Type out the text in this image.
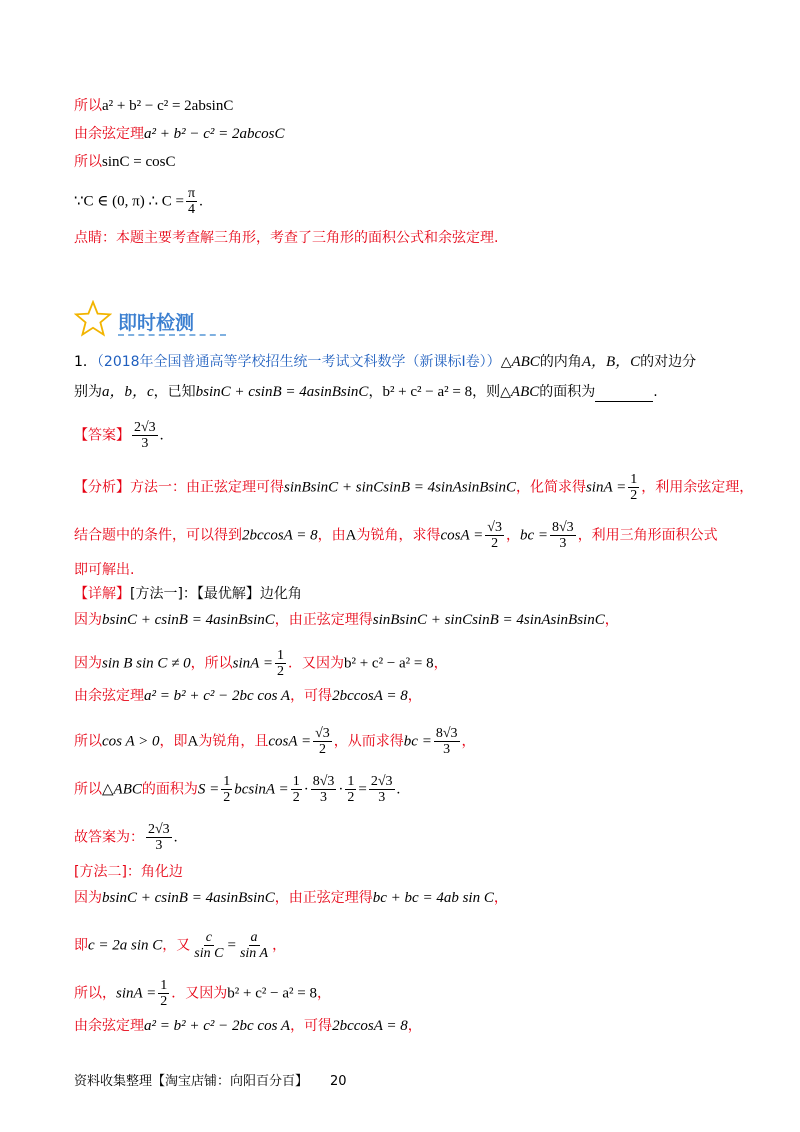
所以a² + b² − c² = 2absinC
由余弦定理a² + b² − c² = 2abcosC
所以sinC = cosC
∵C ∈ (0, π) ∴ $C = \frac{\pi}{4}$ .
点睛：本题主要考查解三角形，考查了三角形的面积公式和余弦定理.
即时检测
1．（2018年全国普通高等学校招生统一考试文科数学（新课标Ⅰ卷））△ABC的内角A，B，C的对边分
别为a，b，c，已知bsinC + csinB = 4asinBsinC，b² + c² − a² = 8，则△ABC的面积为	.
【答案】 $\frac{2√3}{3}$ .
【分析】方法一：由正弦定理可得sinBsinC + sinCsinB = 4sinAsinBsinC，化简求得$\sin A = \frac{1}{2}$ ，利用余弦定理，
结合题中的条件，可以得到2bccosA = 8，由A为锐角，求得$\cos A = \frac{√3}{2}$ ，bc = $\frac{8√3}{3}$ ，利用三角形面积公式
即可解出.
【详解】[方法一]：【最优解】边化角
因为bsinC + csinB = 4asinBsinC，由正弦定理得sinBsinC + sinCsinB = 4sinAsinBsinC，
因为sin B sin C ≠ 0，所以$\sin A = \frac{1}{2}$ ．又因为b² + c² − a² = 8，
由余弦定理a² = b² + c² − 2bc cos A，可得2bccosA = 8，
所以cos A > 0，即A为锐角，且$\cos A = \frac{√3}{2}$ ，从而求得bc = $\frac{8√3}{3}$ ，
所以△ABC的面积为$S = \frac{1}{2}$ $bcsinA = \frac{1}{2} \cdot \frac{8√3}{3} \cdot \frac{1}{2} = \frac{2√3}{3}$ .
故答案为： $\frac{2√3}{3}$ .
[方法二]：角化边
因为bsinC + csinB = 4asinBsinC，由正弦定理得bc + bc = 4ab sin C，
即c = 2a sin C，又 $\frac{c}{\text{sin C}} = \frac{a}{\text{sin A}}$ ，
所以，$\sin A = \frac{1}{2}$ ．又因为b² + c² − a² = 8，
由余弦定理a² = b² + c² − 2bc cos A，可得2bccosA = 8，
资料收集整理【淘宝店铺：向阳百分百】 20
